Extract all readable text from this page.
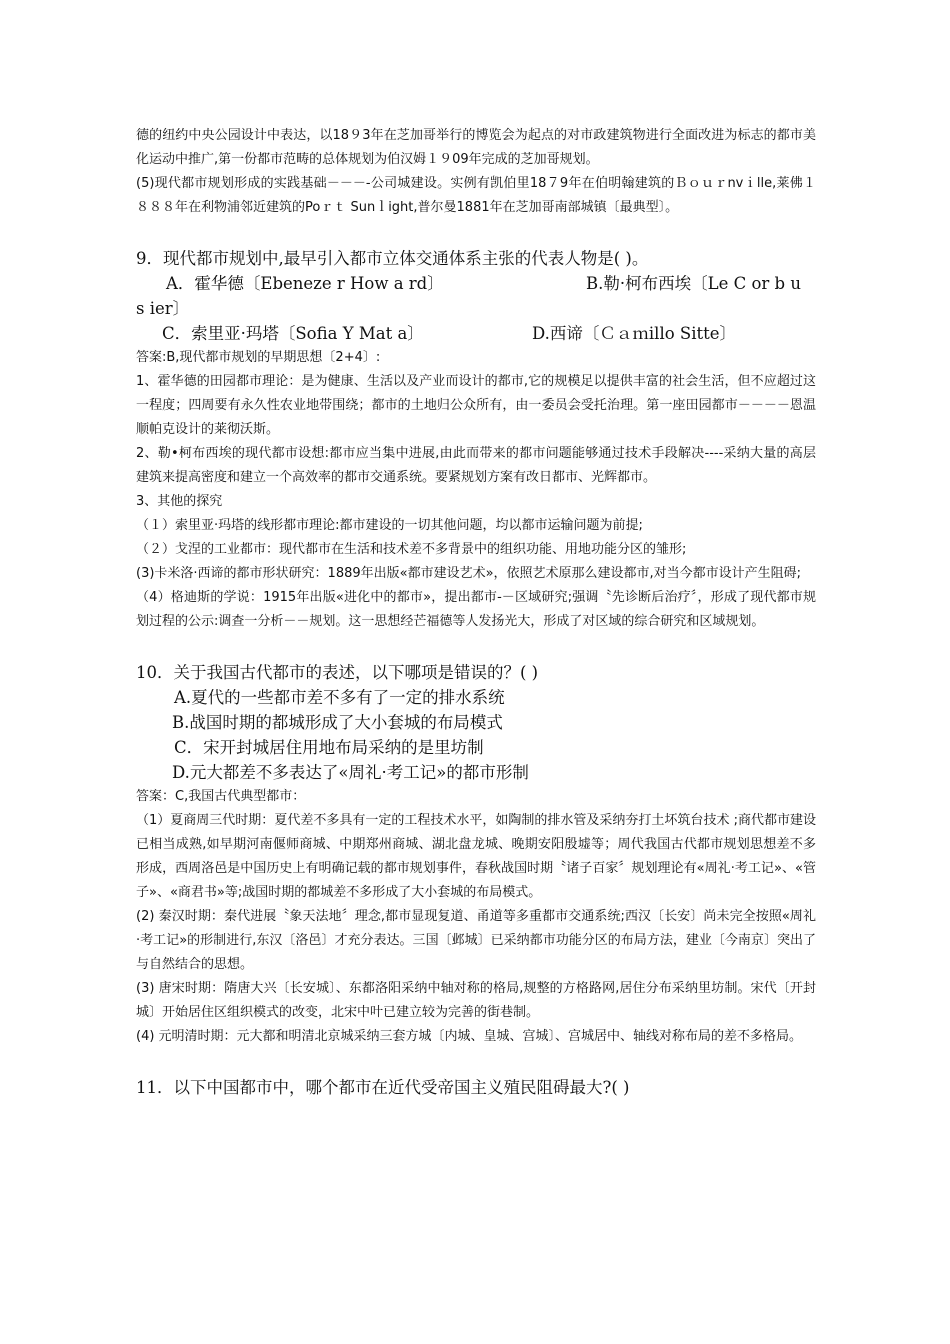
德的纽约中央公园设计中表达，以18９3年在芝加哥举行的博览会为起点的对市政建筑物进行全面改进为标志的都市美化运动中推广,第一份都市范畴的总体规划为伯汉姆１９09年完成的芝加哥规划。

(5)现代都市规划形成的实践基础－－－-公司城建设。实例有凯伯里18７9年在伯明翰建筑的Ｂｏｕｒnvｉlle,莱佛１８８８年在利物浦邻近建筑的Poｒｔ Sunｌight,普尔曼1881年在芝加哥南部城镇〔最典型〕。

9．现代都市规划中,最早引入都市立体交通体系主张的代表人物是( )。

A．霍华德〔Ebeneze r How a rd〕	B.勒·柯布西埃〔Le C or b u

s ier〕

C．索里亚·玛塔〔Sofia Y Mat a〕	D.西谛〔Ｃａｍillo Sitte〕

答案:B,现代都市规划的早期思想〔2+4〕:

1、霍华德的田园都市理论：是为健康、生活以及产业而设计的都市,它的规模足以提供丰富的社会生活，但不应超过这一程度；四周要有永久性农业地带围绕；都市的土地归公众所有，由一委员会受托治理。第一座田园都市－－－－恩温顺帕克设计的莱彻沃斯。

2、勒•柯布西埃的现代都市设想:都市应当集中进展,由此而带来的都市问题能够通过技术手段解决----采纳大量的高层建筑来提高密度和建立一个高效率的都市交通系统。要紧规划方案有改日都市、光辉都市。

3、其他的探究

（１）索里亚·玛塔的线形都市理论:都市建设的一切其他问题，均以都市运输问题为前提;

（２）戈涅的工业都市：现代都市在生活和技术差不多背景中的组织功能、用地功能分区的雏形;

(3)卡米洛·西谛的都市形状研究：1889年出版«都市建设艺术»，依照艺术原那么建设都市,对当今都市设计产生阻碍;

（4）格迪斯的学说：1915年出版«进化中的都市»，提出都市-－区域研究;强调〝先诊断后治疗〞，形成了现代都市规划过程的公示:调查一分析－－规划。这一思想经芒福德等人发扬光大，形成了对区域的综合研究和区域规划。

10．关于我国古代都市的表述，以下哪项是错误的？( )

A.夏代的一些都市差不多有了一定的排水系统

B.战国时期的都城形成了大小套城的布局模式

C．宋开封城居住用地布局采纳的是里坊制

D.元大都差不多表达了«周礼·考工记»的都市形制

答案：C,我国古代典型都市：

（1）夏商周三代时期：夏代差不多具有一定的工程技术水平，如陶制的排水管及采纳夯打土坏筑台技术 ;商代都市建设已相当成熟,如早期河南偃师商城、中期郑州商城、湖北盘龙城、晚期安阳殷墟等；周代我国古代都市规划思想差不多形成，西周洛邑是中国历史上有明确记载的都市规划事件，春秋战国时期〝诸子百家〞规划理论有«周礼·考工记»、«管子»、«商君书»等;战国时期的都城差不多形成了大小套城的布局模式。

(2) 秦汉时期：秦代进展〝象天法地〞理念,都市显现复道、甬道等多重都市交通系统;西汉〔长安〕尚未完全按照«周礼·考工记»的形制进行,东汉〔洛邑〕才充分表达。三国〔邺城〕已采纳都市功能分区的布局方法，建业〔今南京〕突出了与自然结合的思想。

(3) 唐宋时期：隋唐大兴〔长安城〕、东都洛阳采纳中轴对称的格局,规整的方格路网,居住分布采纳里坊制。宋代〔开封城〕开始居住区组织模式的改变，北宋中叶已建立较为完善的街巷制。

(4) 元明清时期：元大都和明清北京城采纳三套方城〔内城、皇城、宫城〕、宫城居中、轴线对称布局的差不多格局。

11．以下中国都市中，哪个都市在近代受帝国主义殖民阻碍最大?( )
